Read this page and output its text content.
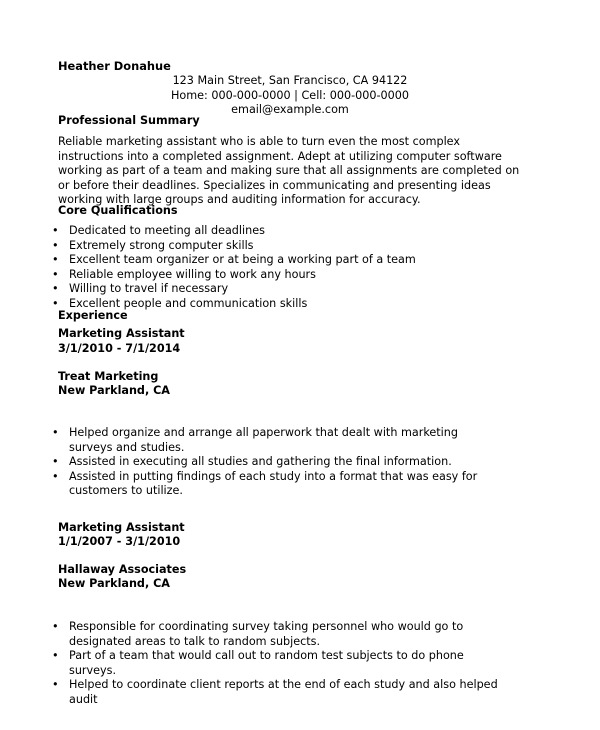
Heather Donahue
123 Main Street, San Francisco, CA 94122
Home: 000-000-0000 | Cell: 000-000-0000
email@example.com
Professional Summary
Reliable marketing assistant who is able to turn even the most complex instructions into a completed assignment. Adept at utilizing computer software working as part of a team and making sure that all assignments are completed on or before their deadlines. Specializes in communicating and presenting ideas working with large groups and auditing information for accuracy.
Core Qualifications
• Dedicated to meeting all deadlines
• Extremely strong computer skills
• Excellent team organizer or at being a working part of a team
• Reliable employee willing to work any hours
• Willing to travel if necessary
• Excellent people and communication skills
Experience
Marketing Assistant
3/1/2010 - 7/1/2014
Treat Marketing
New Parkland, CA
• Helped organize and arrange all paperwork that dealt with marketing surveys and studies.
• Assisted in executing all studies and gathering the final information.
• Assisted in putting findings of each study into a format that was easy for customers to utilize.
Marketing Assistant
1/1/2007 - 3/1/2010
Hallaway Associates
New Parkland, CA
• Responsible for coordinating survey taking personnel who would go to designated areas to talk to random subjects.
• Part of a team that would call out to random test subjects to do phone surveys.
• Helped to coordinate client reports at the end of each study and also helped audit
